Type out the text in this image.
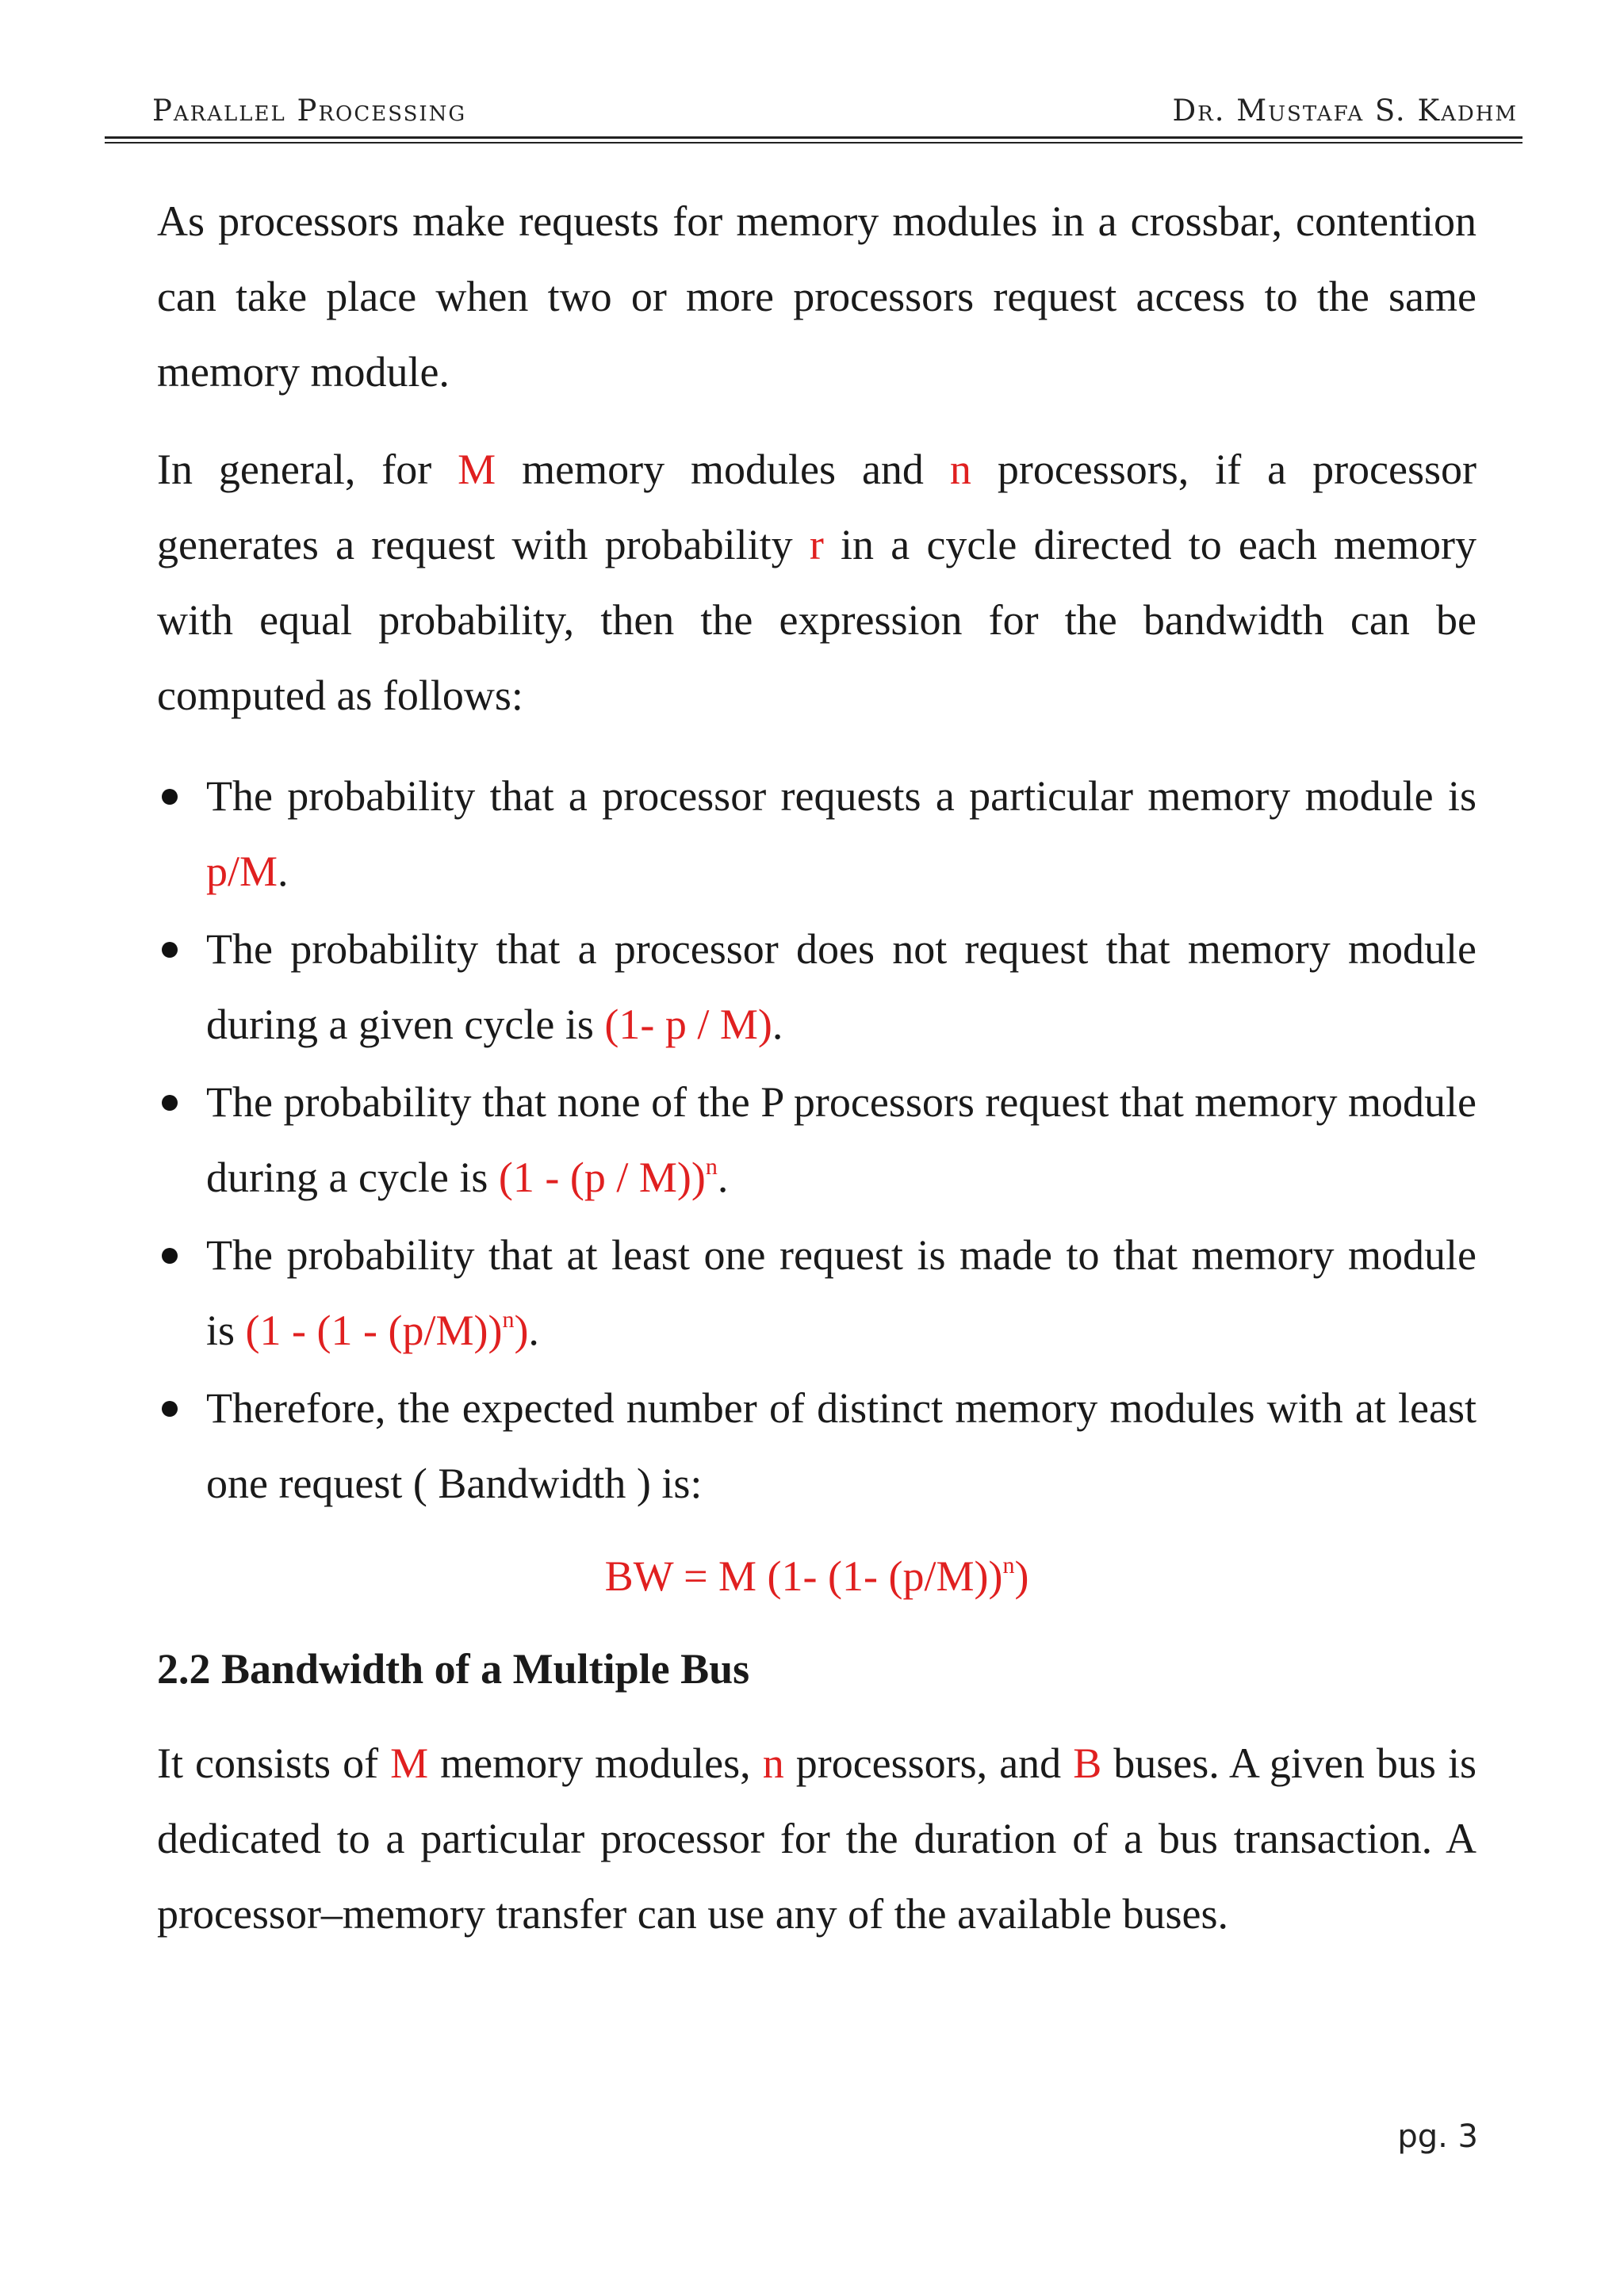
Parallel Processing	Dr. Mustafa S. Kadhm

As processors make requests for memory modules in a crossbar, contention can take place when two or more processors request access to the same memory module.

In general, for M memory modules and n processors, if a processor generates a request with probability r in a cycle directed to each memory with equal probability, then the expression for the bandwidth can be computed as follows:

The probability that a processor requests a particular memory module is p/M.
The probability that a processor does not request that memory module during a given cycle is (1- p / M).
The probability that none of the P processors request that memory module during a cycle is (1 - (p / M))$^n$.
The probability that at least one request is made to that memory module is (1 - (1 - (p/M))$^n$).
Therefore, the expected number of distinct memory modules with at least one request ( Bandwidth ) is:

BW = M (1- (1- (p/M))$^n$)

2.2 Bandwidth of a Multiple Bus

It consists of M memory modules, n processors, and B buses. A given bus is dedicated to a particular processor for the duration of a bus transaction. A processor–memory transfer can use any of the available buses.

pg. 3
